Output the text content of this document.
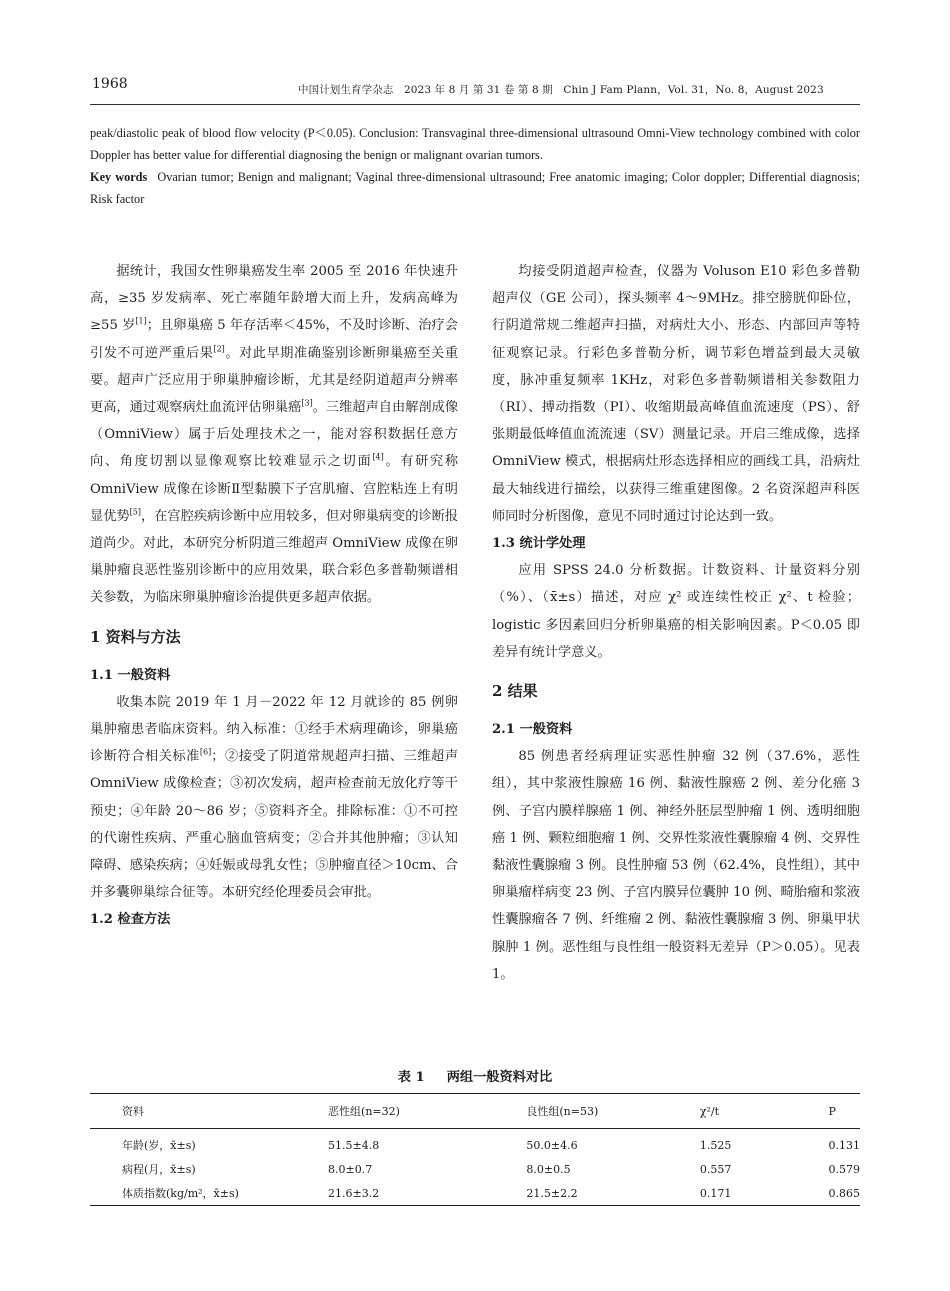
1968	中国计划生育学杂志　2023 年 8 月 第 31 卷 第 8 期　Chin J Fam Plann，Vol. 31，No. 8，August 2023

peak/diastolic peak of blood flow velocity (P＜0.05). Conclusion: Transvaginal three-dimensional ultrasound Omni-View technology combined with color Doppler has better value for differential diagnosing the benign or malignant ovarian tumors.

Key words Ovarian tumor; Benign and malignant; Vaginal three-dimensional ultrasound; Free anatomic imaging; Color doppler; Differential diagnosis; Risk factor

据统计，我国女性卵巢癌发生率 2005 至 2016 年快速升高，≥35 岁发病率、死亡率随年龄增大而上升，发病高峰为≥55 岁[1]；且卵巢癌 5 年存活率＜45%，不及时诊断、治疗会引发不可逆严重后果[2]。对此早期准确鉴别诊断卵巢癌至关重要。超声广泛应用于卵巢肿瘤诊断，尤其是经阴道超声分辨率更高，通过观察病灶血流评估卵巢癌[3]。三维超声自由解剖成像（OmniView）属于后处理技术之一，能对容积数据任意方向、角度切割以显像观察比较难显示之切面[4]。有研究称 OmniView 成像在诊断Ⅱ型黏膜下子宫肌瘤、宫腔粘连上有明显优势[5]，在宫腔疾病诊断中应用较多，但对卵巢病变的诊断报道尚少。对此，本研究分析阴道三维超声 OmniView 成像在卵巢肿瘤良恶性鉴别诊断中的应用效果，联合彩色多普勒频谱相关参数，为临床卵巢肿瘤诊治提供更多超声依据。

1 资料与方法
1.1 一般资料

收集本院 2019 年 1 月－2022 年 12 月就诊的 85 例卵巢肿瘤患者临床资料。纳入标准：①经手术病理确诊，卵巢癌诊断符合相关标准[6]；②接受了阴道常规超声扫描、三维超声 OmniView 成像检查；③初次发病，超声检查前无放化疗等干预史；④年龄 20～86 岁；⑤资料齐全。排除标准：①不可控的代谢性疾病、严重心脑血管病变；②合并其他肿瘤；③认知障碍、感染疾病；④妊娠或母乳女性；⑤肿瘤直径＞10cm、合并多囊卵巢综合征等。本研究经伦理委员会审批。

1.2 检查方法

均接受阴道超声检查，仪器为 Voluson E10 彩色多普勒超声仪（GE 公司），探头频率 4～9MHz。排空膀胱仰卧位，行阴道常规二维超声扫描，对病灶大小、形态、内部回声等特征观察记录。行彩色多普勒分析，调节彩色增益到最大灵敏度，脉冲重复频率 1KHz，对彩色多普勒频谱相关参数阻力（RI）、搏动指数（PI）、收缩期最高峰值血流速度（PS）、舒张期最低峰值血流流速（SV）测量记录。开启三维成像，选择 OmniView 模式，根据病灶形态选择相应的画线工具，沿病灶最大轴线进行描绘，以获得三维重建图像。2 名资深超声科医师同时分析图像，意见不同时通过讨论达到一致。

1.3 统计学处理

应用 SPSS 24.0 分析数据。计数资料、计量资料分别（%）、（x̄±s）描述，对应 χ² 或连续性校正 χ²、t 检验；logistic 多因素回归分析卵巢癌的相关影响因素。P＜0.05 即差异有统计学意义。

2 结果
2.1 一般资料

85 例患者经病理证实恶性肿瘤 32 例（37.6%，恶性组），其中浆液性腺癌 16 例、黏液性腺癌 2 例、差分化癌 3 例、子宫内膜样腺癌 1 例、神经外胚层型肿瘤 1 例、透明细胞癌 1 例、颗粒细胞瘤 1 例、交界性浆液性囊腺瘤 4 例、交界性黏液性囊腺瘤 3 例。良性肿瘤 53 例（62.4%，良性组），其中卵巢瘤样病变 23 例、子宫内膜异位囊肿 10 例、畸胎瘤和浆液性囊腺瘤各 7 例、纤维瘤 2 例、黏液性囊腺瘤 3 例、卵巢甲状腺肿 1 例。恶性组与良性组一般资料无差异（P＞0.05）。见表 1。

表 1 两组一般资料对比
资料	恶性组(n=32)	良性组(n=53)	χ²/t	P
年龄(岁，x̄±s)	51.5±4.8	50.0±4.6	1.525	0.131
病程(月，x̄±s)	8.0±0.7	8.0±0.5	0.557	0.579
体质指数(kg/m²，x̄±s)	21.6±3.2	21.5±2.2	0.171	0.865
